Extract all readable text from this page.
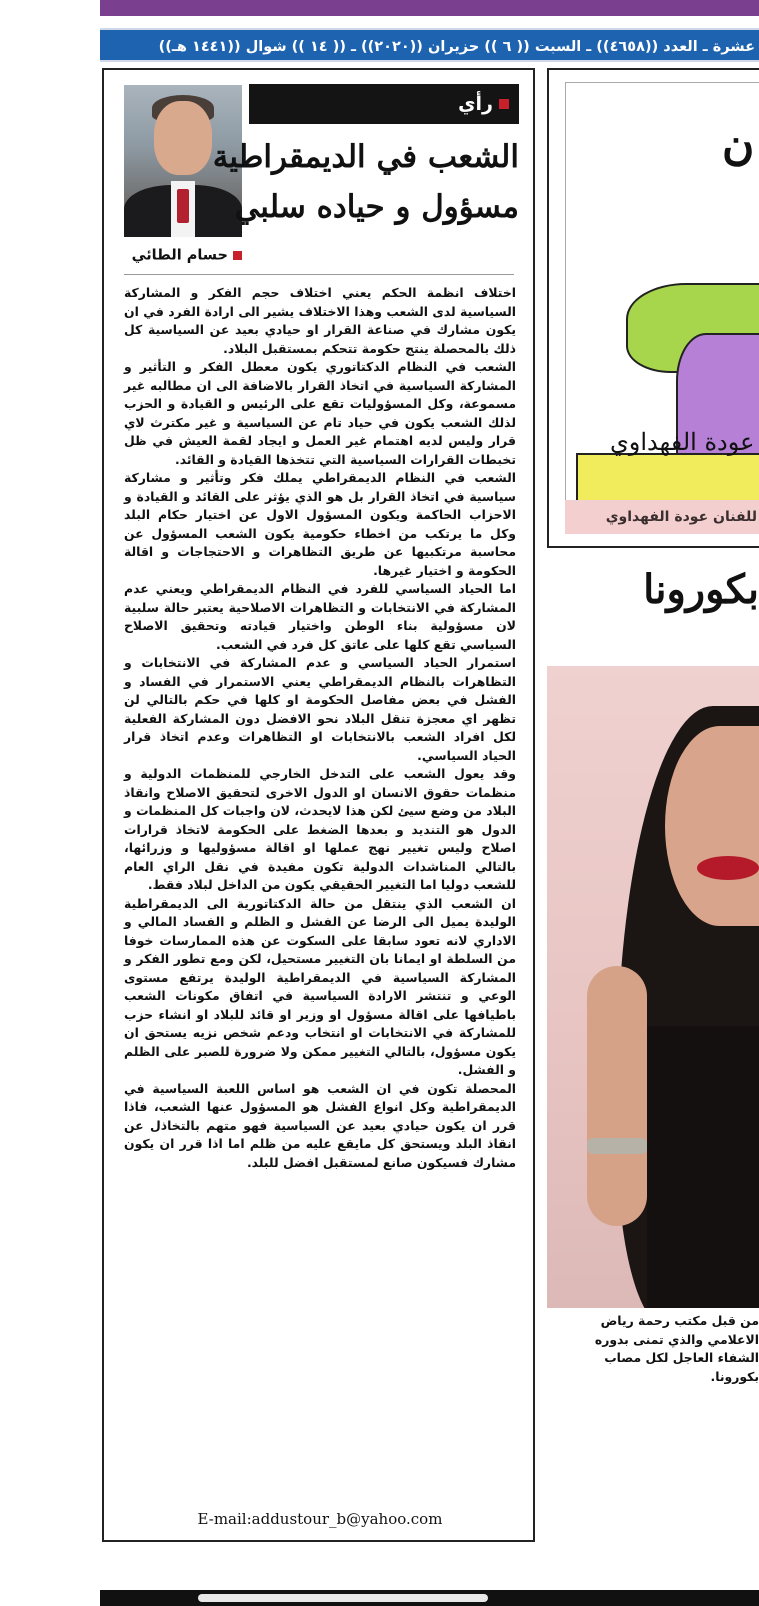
عشرة ـ العدد ((٤٦٥٨)) ـ السبت (( ٦ )) حزيران ((٢٠٢٠)) ـ (( ١٤ )) شوال ((١٤٤١ هـ))
رأي
حسام الطائي
الشعب في الديمقراطية
مسؤول و حياده سلبي

اختلاف انظمة الحكم يعني اختلاف حجم الفكر و المشاركة السياسية لدى الشعب وهذا الاختلاف يشير الى ارادة الفرد في ان يكون مشارك في صناعة القرار او حيادي بعيد عن السياسية كل ذلك بالمحصلة ينتج حكومة تتحكم بمستقبل البلاد.

الشعب في النظام الدكتاتوري يكون معطل الفكر و التأثير و المشاركة السياسية في اتخاذ القرار بالاضافة الى ان مطالبه غير مسموعة، وكل المسؤوليات تقع على الرئيس و القيادة و الحزب لذلك الشعب يكون في حياد تام عن السياسية و غير مكترث لاي قرار وليس لديه اهتمام غير العمل و ايجاد لقمة العيش في ظل تخبطات القرارات السياسية التي تتخذها القيادة و القائد.

الشعب في النظام الديمقراطي يملك فكر وتأثير و مشاركة سياسية في اتخاذ القرار بل هو الذي يؤثر على القائد و القيادة و الاحزاب الحاكمة ويكون المسؤول الاول عن اختيار حكام البلد وكل ما يرتكب من اخطاء حكومية يكون الشعب المسؤول عن محاسبة مرتكبيها عن طريق التظاهرات و الاحتجاجات و اقالة الحكومة و اختيار غيرها.

اما الحياد السياسي للفرد في النظام الديمقراطي ويعني عدم المشاركة في الانتخابات و التظاهرات الاصلاحية يعتبر حالة سلبية لان مسؤولية بناء الوطن واختيار قيادته وتحقيق الاصلاح السياسي تقع كلها على عاتق كل فرد في الشعب.

استمرار الحياد السياسي و عدم المشاركة في الانتخابات و التظاهرات بالنظام الديمقراطي يعني الاستمرار في الفساد و الفشل في بعض مفاصل الحكومة او كلها في حكم بالتالي لن تظهر اي معجزة تنقل البلاد نحو الافضل دون المشاركة الفعلية لكل افراد الشعب بالانتخابات او التظاهرات وعدم اتخاذ قرار الحياد السياسي.

وقد يعول الشعب على التدخل الخارجي للمنظمات الدولية و منظمات حقوق الانسان او الدول الاخرى لتحقيق الاصلاح وانقاذ البلاد من وضع سيئ لكن هذا لايحدث، لان واجبات كل المنظمات و الدول هو التنديد و بعدها الضغط على الحكومة لاتخاذ قرارات اصلاح وليس تغيير نهج عملها او اقالة مسؤوليها و وزرائها، بالتالي المناشدات الدولية تكون مفيدة في نقل الراي العام للشعب دوليا اما التغيير الحقيقي يكون من الداخل لبلاد فقط.

ان الشعب الذي ينتقل من حالة الدكتاتورية الى الديمقراطية الوليدة يميل الى الرضا عن الفشل و الظلم و الفساد المالي و الاداري لانه تعود سابقا على السكوت عن هذه الممارسات خوفا من السلطة او ايمانا بان التغيير مستحيل، لكن ومع تطور الفكر و المشاركة السياسية في الديمقراطية الوليدة يرتفع مستوى الوعي و تنتشر الارادة السياسية في اتفاق مكونات الشعب باطيافها على اقالة مسؤول او وزير او قائد للبلاد او انشاء حزب للمشاركة في الانتخابات او انتخاب ودعم شخص نزيه يستحق ان يكون مسؤول، بالتالي التغيير ممكن ولا ضرورة للصبر على الظلم و الفشل.

المحصلة تكون في ان الشعب هو اساس اللعبة السياسية في الديمقراطية وكل انواع الفشل هو المسؤول عنها الشعب، فاذا قرر ان يكون حيادي بعيد عن السياسية فهو متهم بالتخاذل عن انقاذ البلد ويستحق كل مايقع عليه من ظلم اما اذا قرر ان يكون مشارك فسيكون صانع لمستقبل افضل للبلد.

E-mail:addustour_b@yahoo.com
ن
عودة الفهداوي
للفنان عودة الفهداوي
بكورونا
من قبل مكتب رحمة رياض
الاعلامي والذي تمنى بدوره
الشفاء العاجل لكل مصاب
بكورونا.
